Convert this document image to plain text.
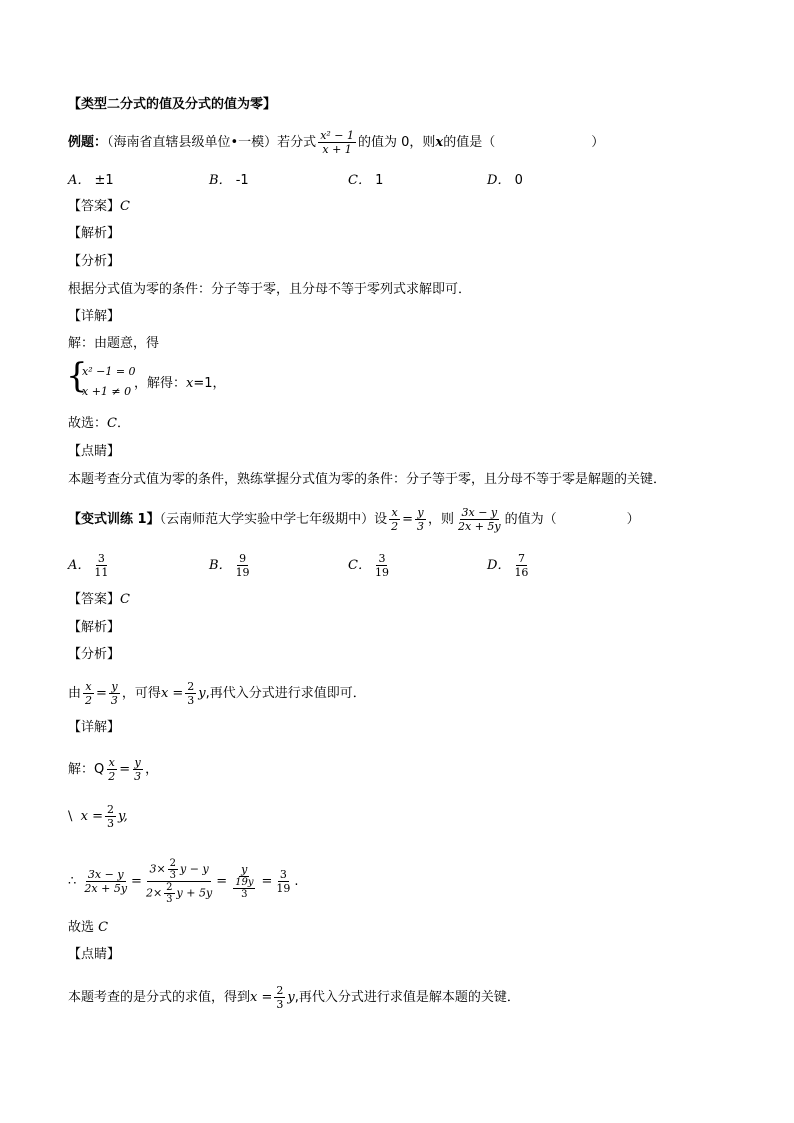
【类型二分式的值及分式的值为零】
例题：（海南省直辖县级单位•一模）若分式 $\frac{\text{x² − 1}}{x + 1}$ 的值为 0，则x的值是（	）
A． ±1	B． -1	C． 1	D． 0
【答案】C
【解析】
【分析】
根据分式值为零的条件：分子等于零，且分母不等于零列式求解即可．
【详解】
解：由题意，得
{
x² −1 = 0
x +1 ≠ 0
，解得：x=1，
故选：C．
【点睛】
本题考查分式值为零的条件，熟练掌握分式值为零的条件：分子等于零，且分母不等于零是解题的关键．
【变式训练 1】（云南师范大学实验中学七年级期中）设 $\frac{x}{2} = \frac{y}{3}$ ，则 $\frac{3x - y}{2x + 5y}$ 的值为（	）
A． $\frac{3}{11}$	B． $\frac{9}{19}$	C． $\frac{3}{19}$	D． $\frac{7}{16}$
【答案】C
【解析】
【分析】
由 $\frac{x}{2} = \frac{y}{3}$ ，可得$x = \frac{2}{3} y$,再代入分式进行求值即可．
【详解】
解：Q $\frac{x}{2} = \frac{y}{3}$ ，
\ $x = \frac{2}{3} y$,
∴ $\frac{3x - y}{2x + 5y} = \frac{3\times \frac{2}{3} y - y}{2\times \frac{2}{3} y + 5y} = \frac{y}{\frac{19y}{3}} = \frac{3}{19}$ .
故选 C
【点睛】
本题考查的是分式的求值，得到$x = \frac{2}{3} y$,再代入分式进行求值是解本题的关键．
